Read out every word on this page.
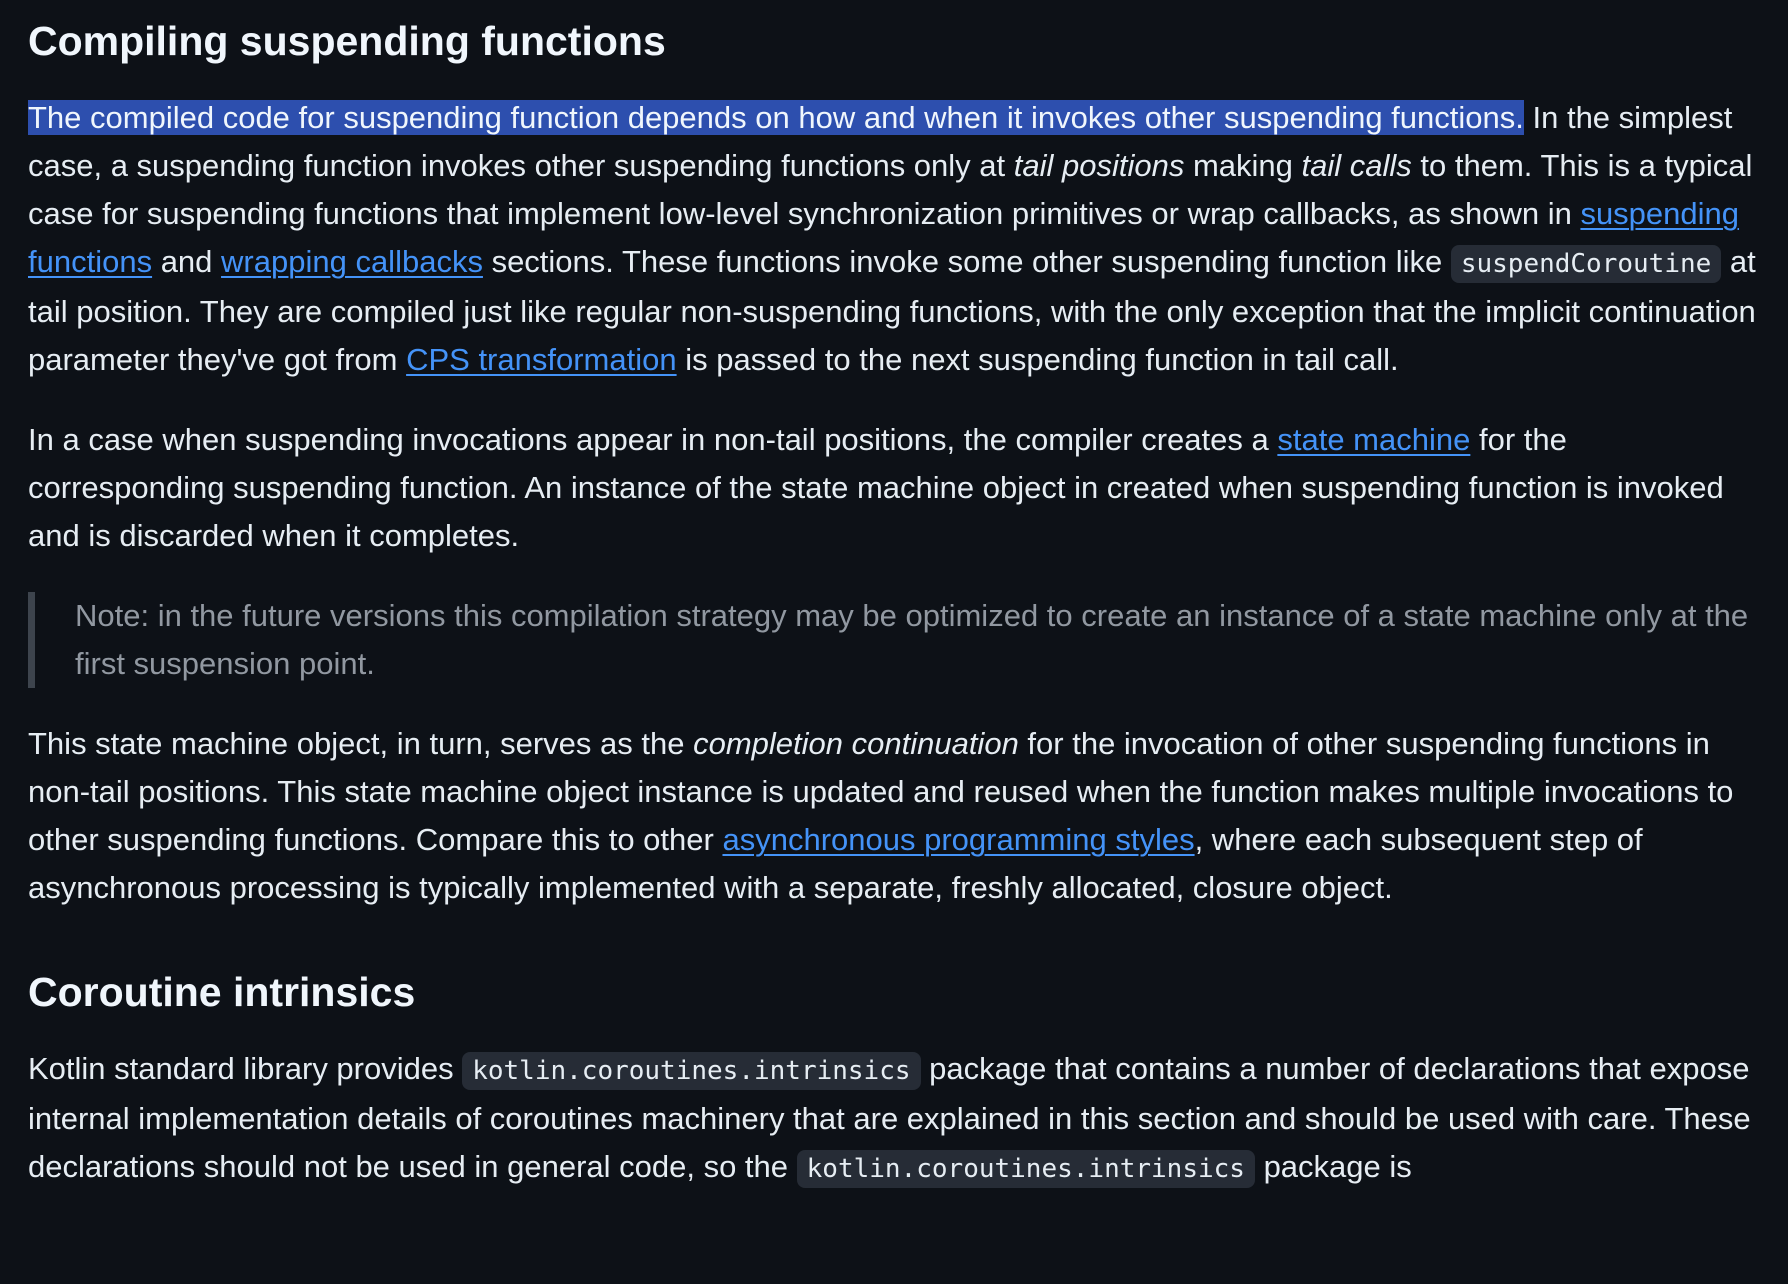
Compiling suspending functions

The compiled code for suspending function depends on how and when it invokes other suspending functions. In the simplest case, a suspending function invokes other suspending functions only at tail positions making tail calls to them. This is a typical case for suspending functions that implement low-level synchronization primitives or wrap callbacks, as shown in suspending functions and wrapping callbacks sections. These functions invoke some other suspending function like suspendCoroutine at tail position. They are compiled just like regular non-suspending functions, with the only exception that the implicit continuation parameter they've got from CPS transformation is passed to the next suspending function in tail call.

In a case when suspending invocations appear in non-tail positions, the compiler creates a state machine for the corresponding suspending function. An instance of the state machine object in created when suspending function is invoked and is discarded when it completes.

Note: in the future versions this compilation strategy may be optimized to create an instance of a state machine only at the first suspension point.

This state machine object, in turn, serves as the completion continuation for the invocation of other suspending functions in non-tail positions. This state machine object instance is updated and reused when the function makes multiple invocations to other suspending functions. Compare this to other asynchronous programming styles, where each subsequent step of asynchronous processing is typically implemented with a separate, freshly allocated, closure object.

Coroutine intrinsics

Kotlin standard library provides kotlin.coroutines.intrinsics package that contains a number of declarations that expose internal implementation details of coroutines machinery that are explained in this section and should be used with care. These declarations should not be used in general code, so the kotlin.coroutines.intrinsics package is
